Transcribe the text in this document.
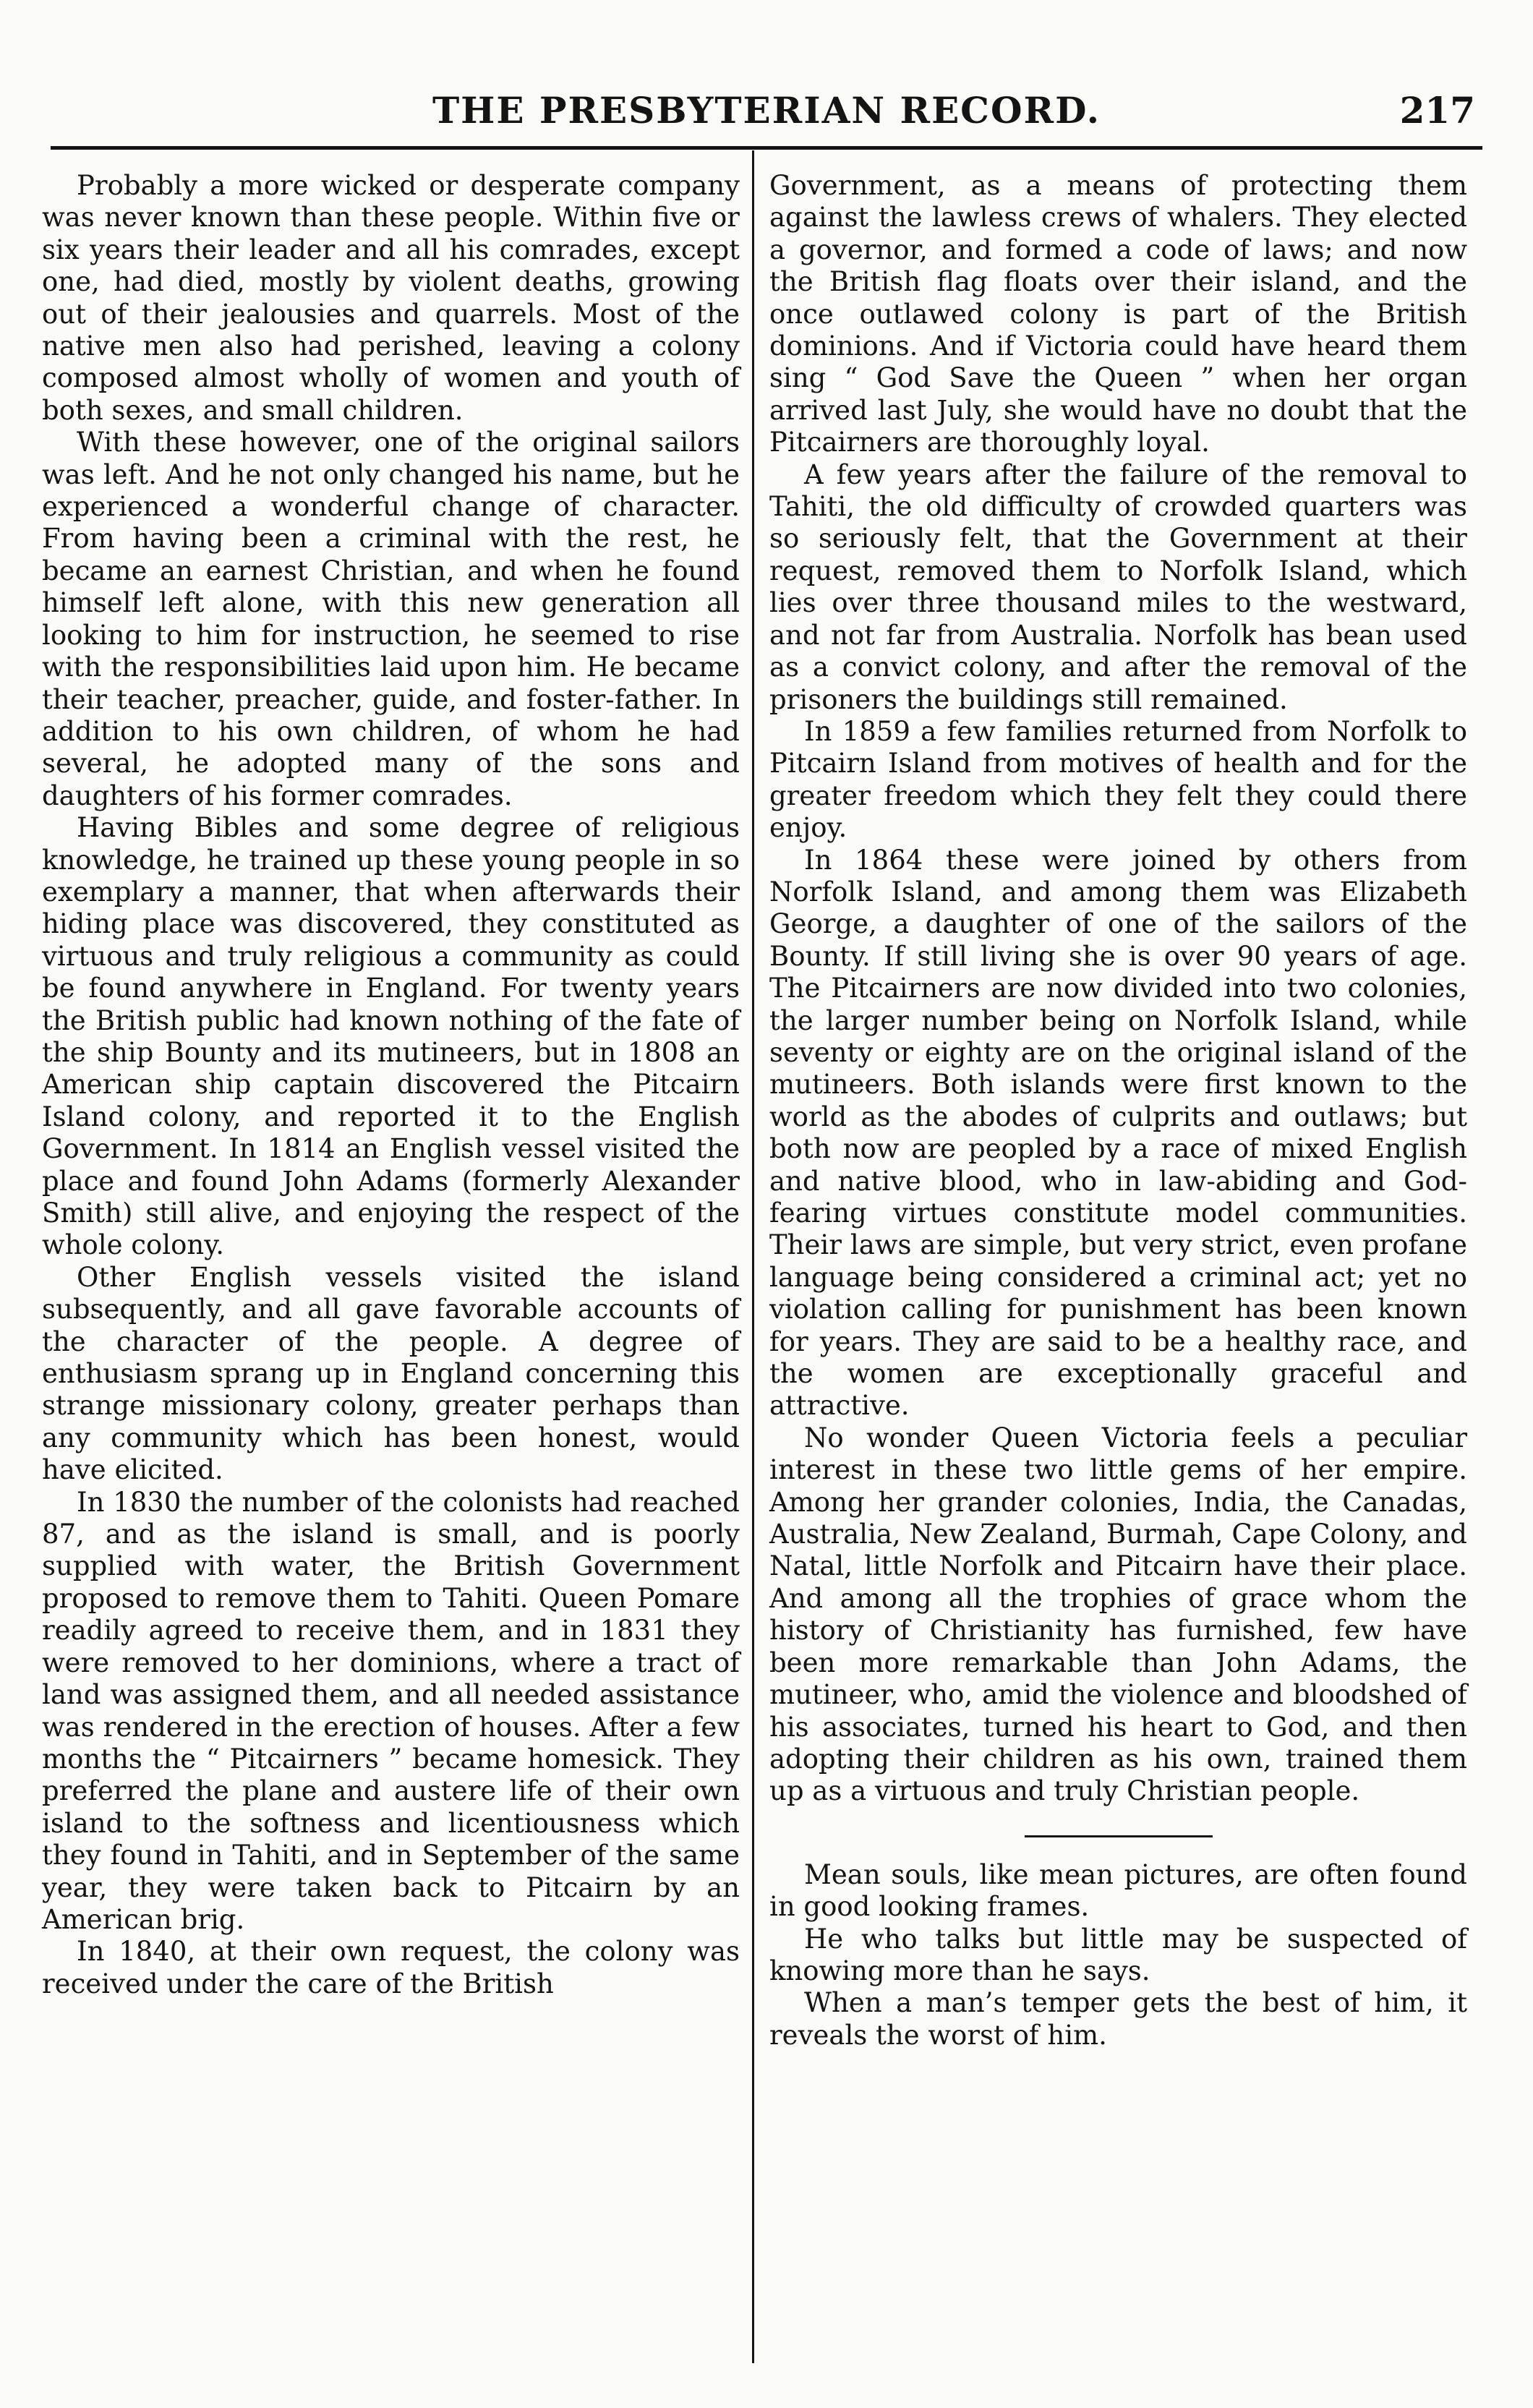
THE PRESBYTERIAN RECORD.	217

Probably a more wicked or desperate company was never known than these people. Within five or six years their leader and all his comrades, except one, had died, mostly by violent deaths, growing out of their jealousies and quarrels. Most of the native men also had perished, leaving a colony composed almost wholly of women and youth of both sexes, and small children.

With these however, one of the original sailors was left. And he not only changed his name, but he experienced a wonderful change of character. From having been a criminal with the rest, he became an earnest Christian, and when he found himself left alone, with this new generation all looking to him for instruction, he seemed to rise with the responsibilities laid upon him. He became their teacher, preacher, guide, and foster-father. In addition to his own children, of whom he had several, he adopted many of the sons and daughters of his former comrades.

Having Bibles and some degree of religious knowledge, he trained up these young people in so exemplary a manner, that when afterwards their hiding place was discovered, they constituted as virtuous and truly religious a community as could be found anywhere in England. For twenty years the British public had known nothing of the fate of the ship Bounty and its mutineers, but in 1808 an American ship captain discovered the Pitcairn Island colony, and reported it to the English Government. In 1814 an English vessel visited the place and found John Adams (formerly Alexander Smith) still alive, and enjoying the respect of the whole colony.

Other English vessels visited the island subsequently, and all gave favorable accounts of the character of the people. A degree of enthusiasm sprang up in England concerning this strange missionary colony, greater perhaps than any community which has been honest, would have elicited.

In 1830 the number of the colonists had reached 87, and as the island is small, and is poorly supplied with water, the British Government proposed to remove them to Tahiti. Queen Pomare readily agreed to receive them, and in 1831 they were removed to her dominions, where a tract of land was assigned them, and all needed assistance was rendered in the erection of houses. After a few months the “ Pitcairners ” became homesick. They preferred the plane and austere life of their own island to the softness and licentiousness which they found in Tahiti, and in September of the same year, they were taken back to Pitcairn by an American brig.

In 1840, at their own request, the colony was received under the care of the British

Government, as a means of protecting them against the lawless crews of whalers. They elected a governor, and formed a code of laws; and now the British flag floats over their island, and the once outlawed colony is part of the British dominions. And if Victoria could have heard them sing “ God Save the Queen ” when her organ arrived last July, she would have no doubt that the Pitcairners are thoroughly loyal.

A few years after the failure of the removal to Tahiti, the old difficulty of crowded quarters was so seriously felt, that the Government at their request, removed them to Norfolk Island, which lies over three thousand miles to the westward, and not far from Australia. Norfolk has bean used as a convict colony, and after the removal of the prisoners the buildings still remained.

In 1859 a few families returned from Norfolk to Pitcairn Island from motives of health and for the greater freedom which they felt they could there enjoy.

In 1864 these were joined by others from Norfolk Island, and among them was Elizabeth George, a daughter of one of the sailors of the Bounty. If still living she is over 90 years of age. The Pitcairners are now divided into two colonies, the larger number being on Norfolk Island, while seventy or eighty are on the original island of the mutineers. Both islands were first known to the world as the abodes of culprits and outlaws; but both now are peopled by a race of mixed English and native blood, who in law-abiding and God-fearing virtues constitute model communities. Their laws are simple, but very strict, even profane language being considered a criminal act; yet no violation calling for punishment has been known for years. They are said to be a healthy race, and the women are exceptionally graceful and attractive.

No wonder Queen Victoria feels a peculiar interest in these two little gems of her empire. Among her grander colonies, India, the Canadas, Australia, New Zealand, Burmah, Cape Colony, and Natal, little Norfolk and Pitcairn have their place. And among all the trophies of grace whom the history of Christianity has furnished, few have been more remarkable than John Adams, the mutineer, who, amid the violence and bloodshed of his associates, turned his heart to God, and then adopting their children as his own, trained them up as a virtuous and truly Christian people.

Mean souls, like mean pictures, are often found in good looking frames.

He who talks but little may be suspected of knowing more than he says.

When a man’s temper gets the best of him, it reveals the worst of him.
